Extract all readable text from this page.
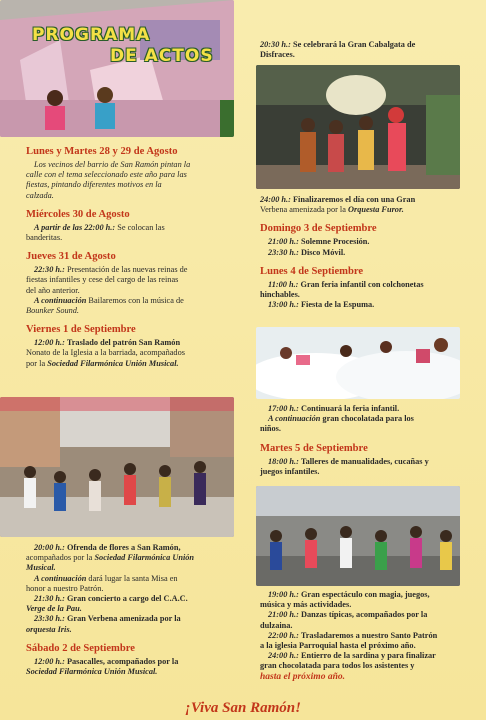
PROGRAMA
DE ACTOS
Lunes y Martes 28 y 29 de Agosto
Los vecinos del barrio de San Ramón pintan la
calle con el tema seleccionado este año para las
fiestas, pintando diferentes motivos en la
calzada.
Miércoles 30 de Agosto
A partir de las 22:00 h.: Se colocan las
banderitas.
Jueves 31 de Agosto
22:30 h.: Presentación de las nuevas reinas de
fiestas infantiles y cese del cargo de las reinas
del año anterior.
A continuación Bailaremos con la música de
Bounker Sound.
Viernes 1 de Septiembre
12:00 h.: Traslado del patrón San Ramón
Nonato de la Iglesia a la barriada, acompañados
por la Sociedad Filarmónica Unión Musical.
20:00 h.: Ofrenda de flores a San Ramón,
acompañados por la Sociedad Filarmónica Unión
Musical.
A continuación dará lugar la santa Misa en
honor a nuestro Patrón.
21:30 h.: Gran concierto a cargo del C.A.C.
Verge de la Pau.
23:30 h.: Gran Verbena amenizada por la
orquesta Iris.
Sábado 2 de Septiembre
12:00 h.: Pasacalles, acompañados por la
Sociedad Filarmónica Unión Musical.
20:30 h.: Se celebrará la Gran Cabalgata de
Disfraces.
24:00 h.: Finalizaremos el día con una Gran
Verbena amenizada por la Orquesta Furor.
Domingo 3 de Septiembre
21:00 h.: Solemne Procesión.
23:30 h.: Disco Móvil.
Lunes 4 de Septiembre
11:00 h.: Gran feria infantil con colchonetas
hinchables.
13:00 h.: Fiesta de la Espuma.
17:00 h.: Continuará la feria infantil.
A continuación gran chocolatada para los
niños.
Martes 5 de Septiembre
18:00 h.: Talleres de manualidades, cucañas y
juegos infantiles.
19:00 h.: Gran espectáculo con magia, juegos,
música y más actividades.
21:00 h.: Danzas típicas, acompañados por la
dulzaina.
22:00 h.: Trasladaremos a nuestro Santo Patrón
a la iglesia Parroquial hasta el próximo año.
24:00 h.: Entierro de la sardina y para finalizar
gran chocolatada para todos los asistentes y
hasta el próximo año.
¡Viva San Ramón!
